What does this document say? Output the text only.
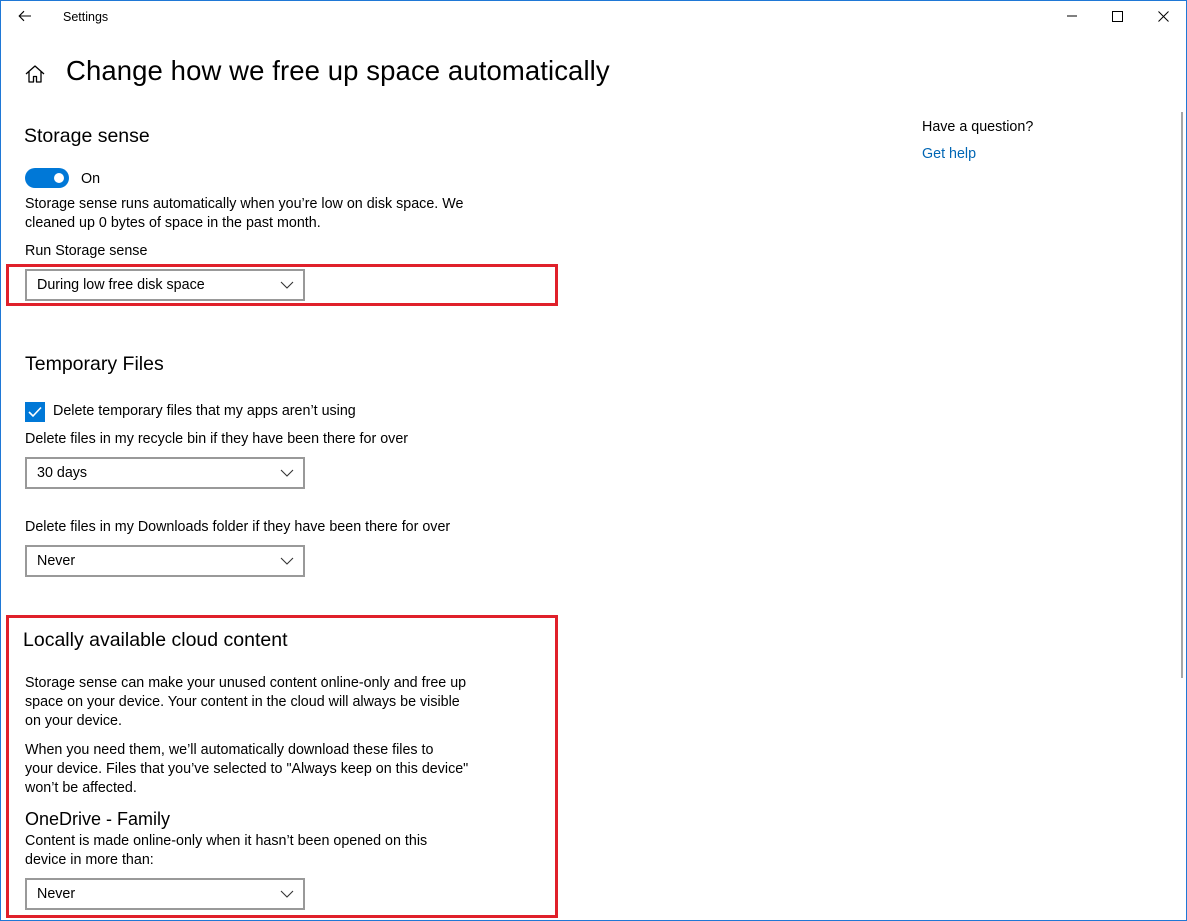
Settings
Change how we free up space automatically
Storage sense
On
Storage sense runs automatically when you’re low on disk space. We
cleaned up 0 bytes of space in the past month.
Run Storage sense
During low free disk space
Temporary Files
Delete temporary files that my apps aren’t using
Delete files in my recycle bin if they have been there for over
30 days
Delete files in my Downloads folder if they have been there for over
Never
Locally available cloud content
Storage sense can make your unused content online-only and free up
space on your device. Your content in the cloud will always be visible
on your device.
When you need them, we’ll automatically download these files to
your device. Files that you’ve selected to "Always keep on this device"
won’t be affected.
OneDrive - Family
Content is made online-only when it hasn’t been opened on this
device in more than:
Never
Have a question?
Get help
